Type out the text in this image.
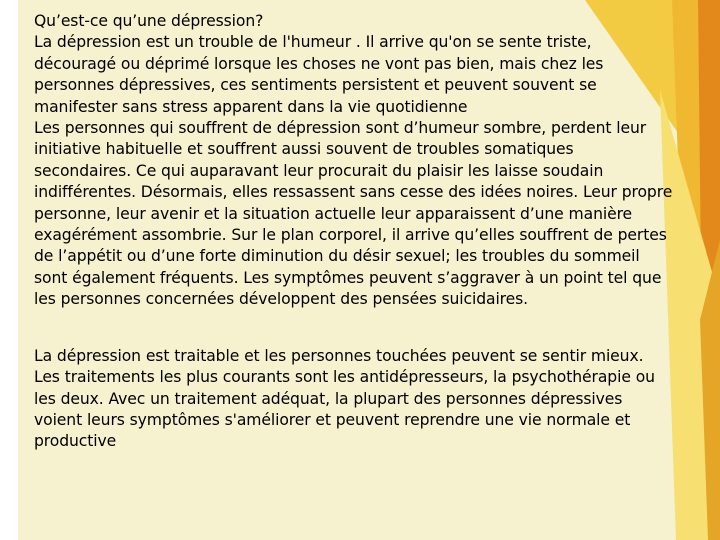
Qu’est-ce qu’une dépression?

La dépression est un trouble de l'humeur . Il arrive qu'on se sente triste, découragé ou déprimé lorsque les choses ne vont pas bien, mais chez les personnes dépressives, ces sentiments persistent et peuvent souvent se manifester sans stress apparent dans la vie quotidienne

Les personnes qui souffrent de dépression sont d’humeur sombre, perdent leur initiative habituelle et souffrent aussi souvent de troubles somatiques secondaires. Ce qui auparavant leur procurait du plaisir les laisse soudain indifférentes. Désormais, elles ressassent sans cesse des idées noires. Leur propre personne, leur avenir et la situation actuelle leur apparaissent d’une manière exagérément assombrie. Sur le plan corporel, il arrive qu’elles souffrent de pertes de l’appétit ou d’une forte diminution du désir sexuel; les troubles du sommeil sont également fréquents. Les symptômes peuvent s’aggraver à un point tel que les personnes concernées développent des pensées suicidaires.

La dépression est traitable et les personnes touchées peuvent se sentir mieux. Les traitements les plus courants sont les antidépresseurs, la psychothérapie ou les deux. Avec un traitement adéquat, la plupart des personnes dépressives voient leurs symptômes s'améliorer et peuvent reprendre une vie normale et productive
